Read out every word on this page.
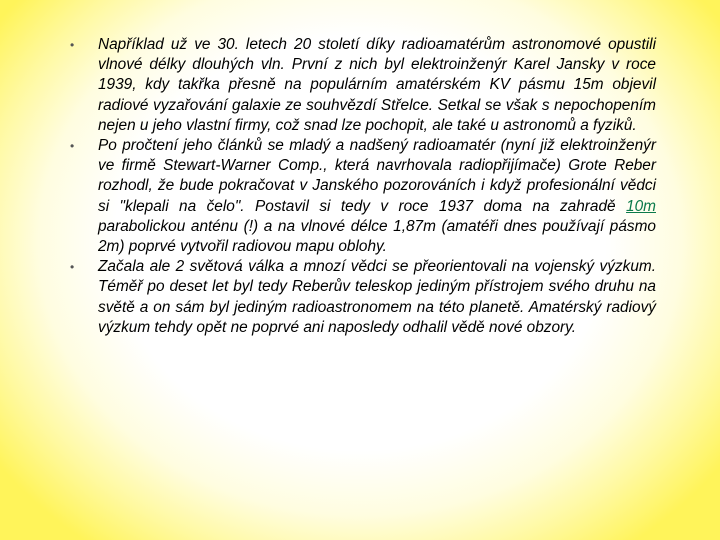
• Například už ve 30. letech 20 století díky radioamatérům astronomové opustili vlnové délky dlouhých vln. První z nich byl elektroinženýr Karel Jansky v roce 1939, kdy takřka přesně na populárním amatérském KV pásmu 15m objevil radiové vyzařování galaxie ze souhvězdí Střelce. Setkal se však s nepochopením nejen u jeho vlastní firmy, což snad lze pochopit, ale také u astronomů a fyziků.
• Po pročtení jeho článků se mladý a nadšený radioamatér (nyní již elektroinženýr ve firmě Stewart-Warner Comp., která navrhovala radiopřijímače) Grote Reber rozhodl, že bude pokračovat v Janského pozorováních i když profesionální vědci si "klepali na čelo". Postavil si tedy v roce 1937 doma na zahradě 10m parabolickou anténu (!) a na vlnové délce 1,87m (amatéři dnes používají pásmo 2m) poprvé vytvořil radiovou mapu oblohy.
• Začala ale 2 světová válka a mnozí vědci se přeorientovali na vojenský výzkum. Téměř po deset let byl tedy Reberův teleskop jediným přístrojem svého druhu na světě a on sám byl jediným radioastronomem na této planetě. Amatérský radiový výzkum tehdy opět ne poprvé ani naposledy odhalil vědě nové obzory.
